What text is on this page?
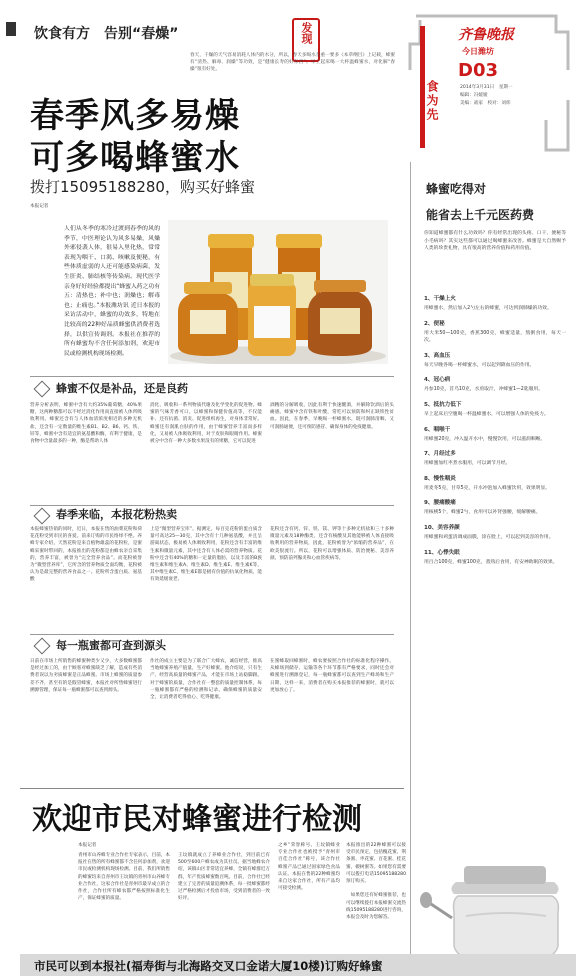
饮食有方　告别“春燥”	发现
春天，干燥的天气容易消耗人体内的水分，所以，春天多喝水是重一要多《本草纲目》上记载，蜂蜜有“清热、解毒、润燥”等功效，是“健康长寿的好东西”。早上起床喝一大杯温蜂蜜水，对化解“春燥”很有好处。
齐鲁晚报
今日潍坊
食为先
D03
2014年3月31日　星期一
编辑：冯媛媛
美编：战家　校对：刘炜
春季风多易燥
可多喝蜂蜜水
拨打15095188280，购买好蜂蜜
本报记者
人们从冬季的寒冷过渡到春季的风的季节，中医理论认为风多易燥，风燥外邪侵袭人体，很易入里化热，常常表现为咽干、口渴、咳嗽及便秘，有些体质虚弱的人还可能感染病菌，发生肝炎、肺结核等传染病。现代医学亲身好好经验都提出“蜂蜜入药之功有五：清热也；补中也；润燥也；解毒也；止痛也。”本报潍坊讯 近日本报的采访活动中，蜂蜜的功效多，特地在比较高的22种好品质蜂蜜供消费者选择，以供宣传调剂。本报社在推荐的所有蜂蜜均不含任何添加剂，欢迎市民或检测机构现场检测。
蜂蜜不仅是补品，还是良药
营养分析表明，蜂蜜中含有大约35%葡萄糖，40%果糖，这两种糖都可以不经过消化作用而直接被人体所吸收利用。蜂蜜还含有与人体血清浓度相近的多种无机盐，还含有一定数量的维生素B1、B2、B6、钙、铁、锌等，蜂蜜中含有适宜的氨基酸和酶，有利于健康，是食物中含量最多的一种，酶是帮助人体
消化、吸收和一系列物质代谢及化学变化的促进物。蜂蜜的气味芳香可口，以蜂蜜和保健价值高等，不仅能补、还有抗菌、消炎、促进组织再生，对身体非常好。蜂蜜还有润肌白肤的作用，由于蜂蜜营养丰富而多样化，又易被人体吸收利用，对于皮肤和眼睛作用。蜂蜜被分中含有一种大多数水果没有的果糖，它可以促进
酒精的分解吸收，因此有利于快速醒酒，并解除饮酒后的头痛感。蜂蜜中含有铁和叶酸，常吃可以预防和纠正缺铁性贫血。因此，在春季，早晚喝一杯蜂蜜水，既可润肺清咽、又可润肠通便，还可预防感冒、确保身体的免疫健康。
春季来临，本报花粉热卖
本报蜂蜜热销的同时，近日，本报在售的油菜花粉和荷花花粉受到市民的喜爱。前来订购的市民络绎不绝。养蜂专家介绍，天然花粉是来自植物雄蕊的花粉粒，是蜜蜂采蜜时带回的，本报推出的花粉都是由蜂农亲自采集的，营养丰富，被誉为“完全营养食品”。而花粉被誉为“微型营养库”，它所含的营养物质全面均衡，花粉被认为是最完整的营养食品之一。花粉所含蛋白质、氨基酸
上是“微型营养宝库”。据测定，每百克花粉的蛋白质含量可高达25—30克，其中含有十几种氨基酸，并且呈游离状态，极易被人体吸收利用，花粉还含有丰富的维生素和微量元素，其中还含有人体必需的营养物质。花粉中还含有40%的糖和一定量的脂肪，以及丰富的B族维生素和维生素A、维生素D、维生素E、维生素K等，其中维生素C、维生素E都是极有价值的抗氧化物质，能有效延缓衰老。
花粉还含有钙、锌、铁、镁、钾等十多种无机盐和三十多种微量元素及18种酶类，还含有核酸及其他能够被人体直接吸收利用的营养物质，因此，花粉被誉为“浓缩的营养品”，在欧美很流行。所以，花粉可以增强体质、防治便秘、美容养颜、预防前列腺炎和心血管疾病等。
每一瓶蜜都可查到源头
日前在市场上所销售的蜂蜜种类少又少，大多数蜂蜜都是经过加工的，由于顾客对蜂蜜缺乏了解，造成有些消费者误以为劣质蜂蜜是正品蜂蜜。市场上蜂蜜的质量参差不齐，甚至有的是假冒蜂蜜，本报社对所售蜂蜜进行溯源管理，保证每一瓶蜂蜜都可以查到源头。
作社的成立主要是为了联合广大蜂农，诚信经营，推高当地蜂蜜养殖产值量，生产好蜂蜜。他介绍说，只有生产、经营高质量的蜂蜜产品，才能在市场上站稳脚跟。对于蜂蜜的质量，合作社有一整套的质量控制体系，每一瓶蜂蜜都有严格的检测和记录，确保蜂蜜的质量安全，让消费者吃得放心、吃得健康。
在蜜蜂取回蜂蜜时，蜂农要按照合作社的标准化程序操作。从蜂场到储存、运输等各个环节都有严格要求，同时还会对蜂蜜进行溯源登记，每一瓶蜂蜜都可以查到生产蜂场和生产日期，这样一来，消费者在购买本报推荐的蜂蜜时，就可以更加放心了。
蜂蜜吃得对
能省去上千元医药费
你知道蜂蜜都有什么功效吗？你有经常出现的头疼、口干、便秘等小毛病吗？其实这些都可以通过喝蜂蜜来改善。蜂蜜是大自然赐予人类的珍贵礼物，具有很高的营养价值和药用价值。
1、干燥上火
用蜂蜜水，然后加入2勺左右的蜂蜜，可达到润肺燥的功效。
2、便秘
用大米50—100克，香蕉300克，蜂蜜适量，熬粥食用，每天一次。
3、高血压
每天早晚各喝一杯蜂蜜水，可以起到降血压的作用。
4、冠心病
丹参10克，首乌10克，水煎取汁，冲蜂蜜1—2匙服用。
5、抵抗力低下
早上起床后空腹喝一杯温蜂蜜水，可以增强人体的免疫力。
6、咽喉干
用蜂蜜20克，冲入温开水中，慢慢饮用，可以滋润咽喉。
7、月经过多
用蜂蜜加红枣煮水服用，可以调节月经。
8、慢性咽炎
用麦冬5克，甘草5克，开水冲泡加入蜂蜜饮用，效果明显。
9、腰痛酸痛
用核桃5个，蜂蜜2勺，食用可以补肾强腰，缓解腰痛。
10、美容养颜
用蜂蜜和鸡蛋清调成面膜，涂在脸上，可以起到美容的作用。
11、心悸失眠
用百合100克，蜂蜜100克，蒸熟后食用，有安神助眠的效果。
欢迎市民对蜂蜜进行检测
本报记者
青州市山养蜂专业合作社专家表示，目前，本报社在售的所有蜂蜜都不含任何添加剂，欢迎市民或检测机构现场检测。目前，我们所销售的蜂蜜均来自青州市王坟镇的青州市山养蜂专业合作社，这家合作社是青州市最早成立的合作社，合作社所有蜂农都严格按照标准化生产，保证蜂蜜的质量。
王坟镇就成立了养蜂业合作社，到目前已有500至600户蜂农成为其社员。据当地蜂农介绍，该镇山区非常适宜养蜂，全镇有蜂群近万群，年产优质蜂蜜数百吨。目前，合作社已经建立了完善的质量追溯体系，每一批蜂蜜都经过严格检测后才投放市场，受到消费者的一致好评。
之乡”荣誉称号。王坟镇蜂业专业合作社也被授予“青州市百佳合作社”称号，该合作社蜂蜜产品已通过国家绿色食品认证。本报在售的22种蜂蜜均来自这家合作社，所有产品均可接受检测。
本报推出的22种蜂蜜可以接受市民预定，包括槐花蜜、荆条蜜、枣花蜜、百花蜜、桂花蜜、椴树蜜等。如果您有需要可以拨打电话15095188280预订购买。

　如果您还有好蜂蜜推荐，也可以继续拨打本报蜂蜜交流热线15095188280进行咨询，本报会及时为您解答。
市民可以到本报社(福寿街与北海路交叉口金诺大厦10楼)订购好蜂蜜
